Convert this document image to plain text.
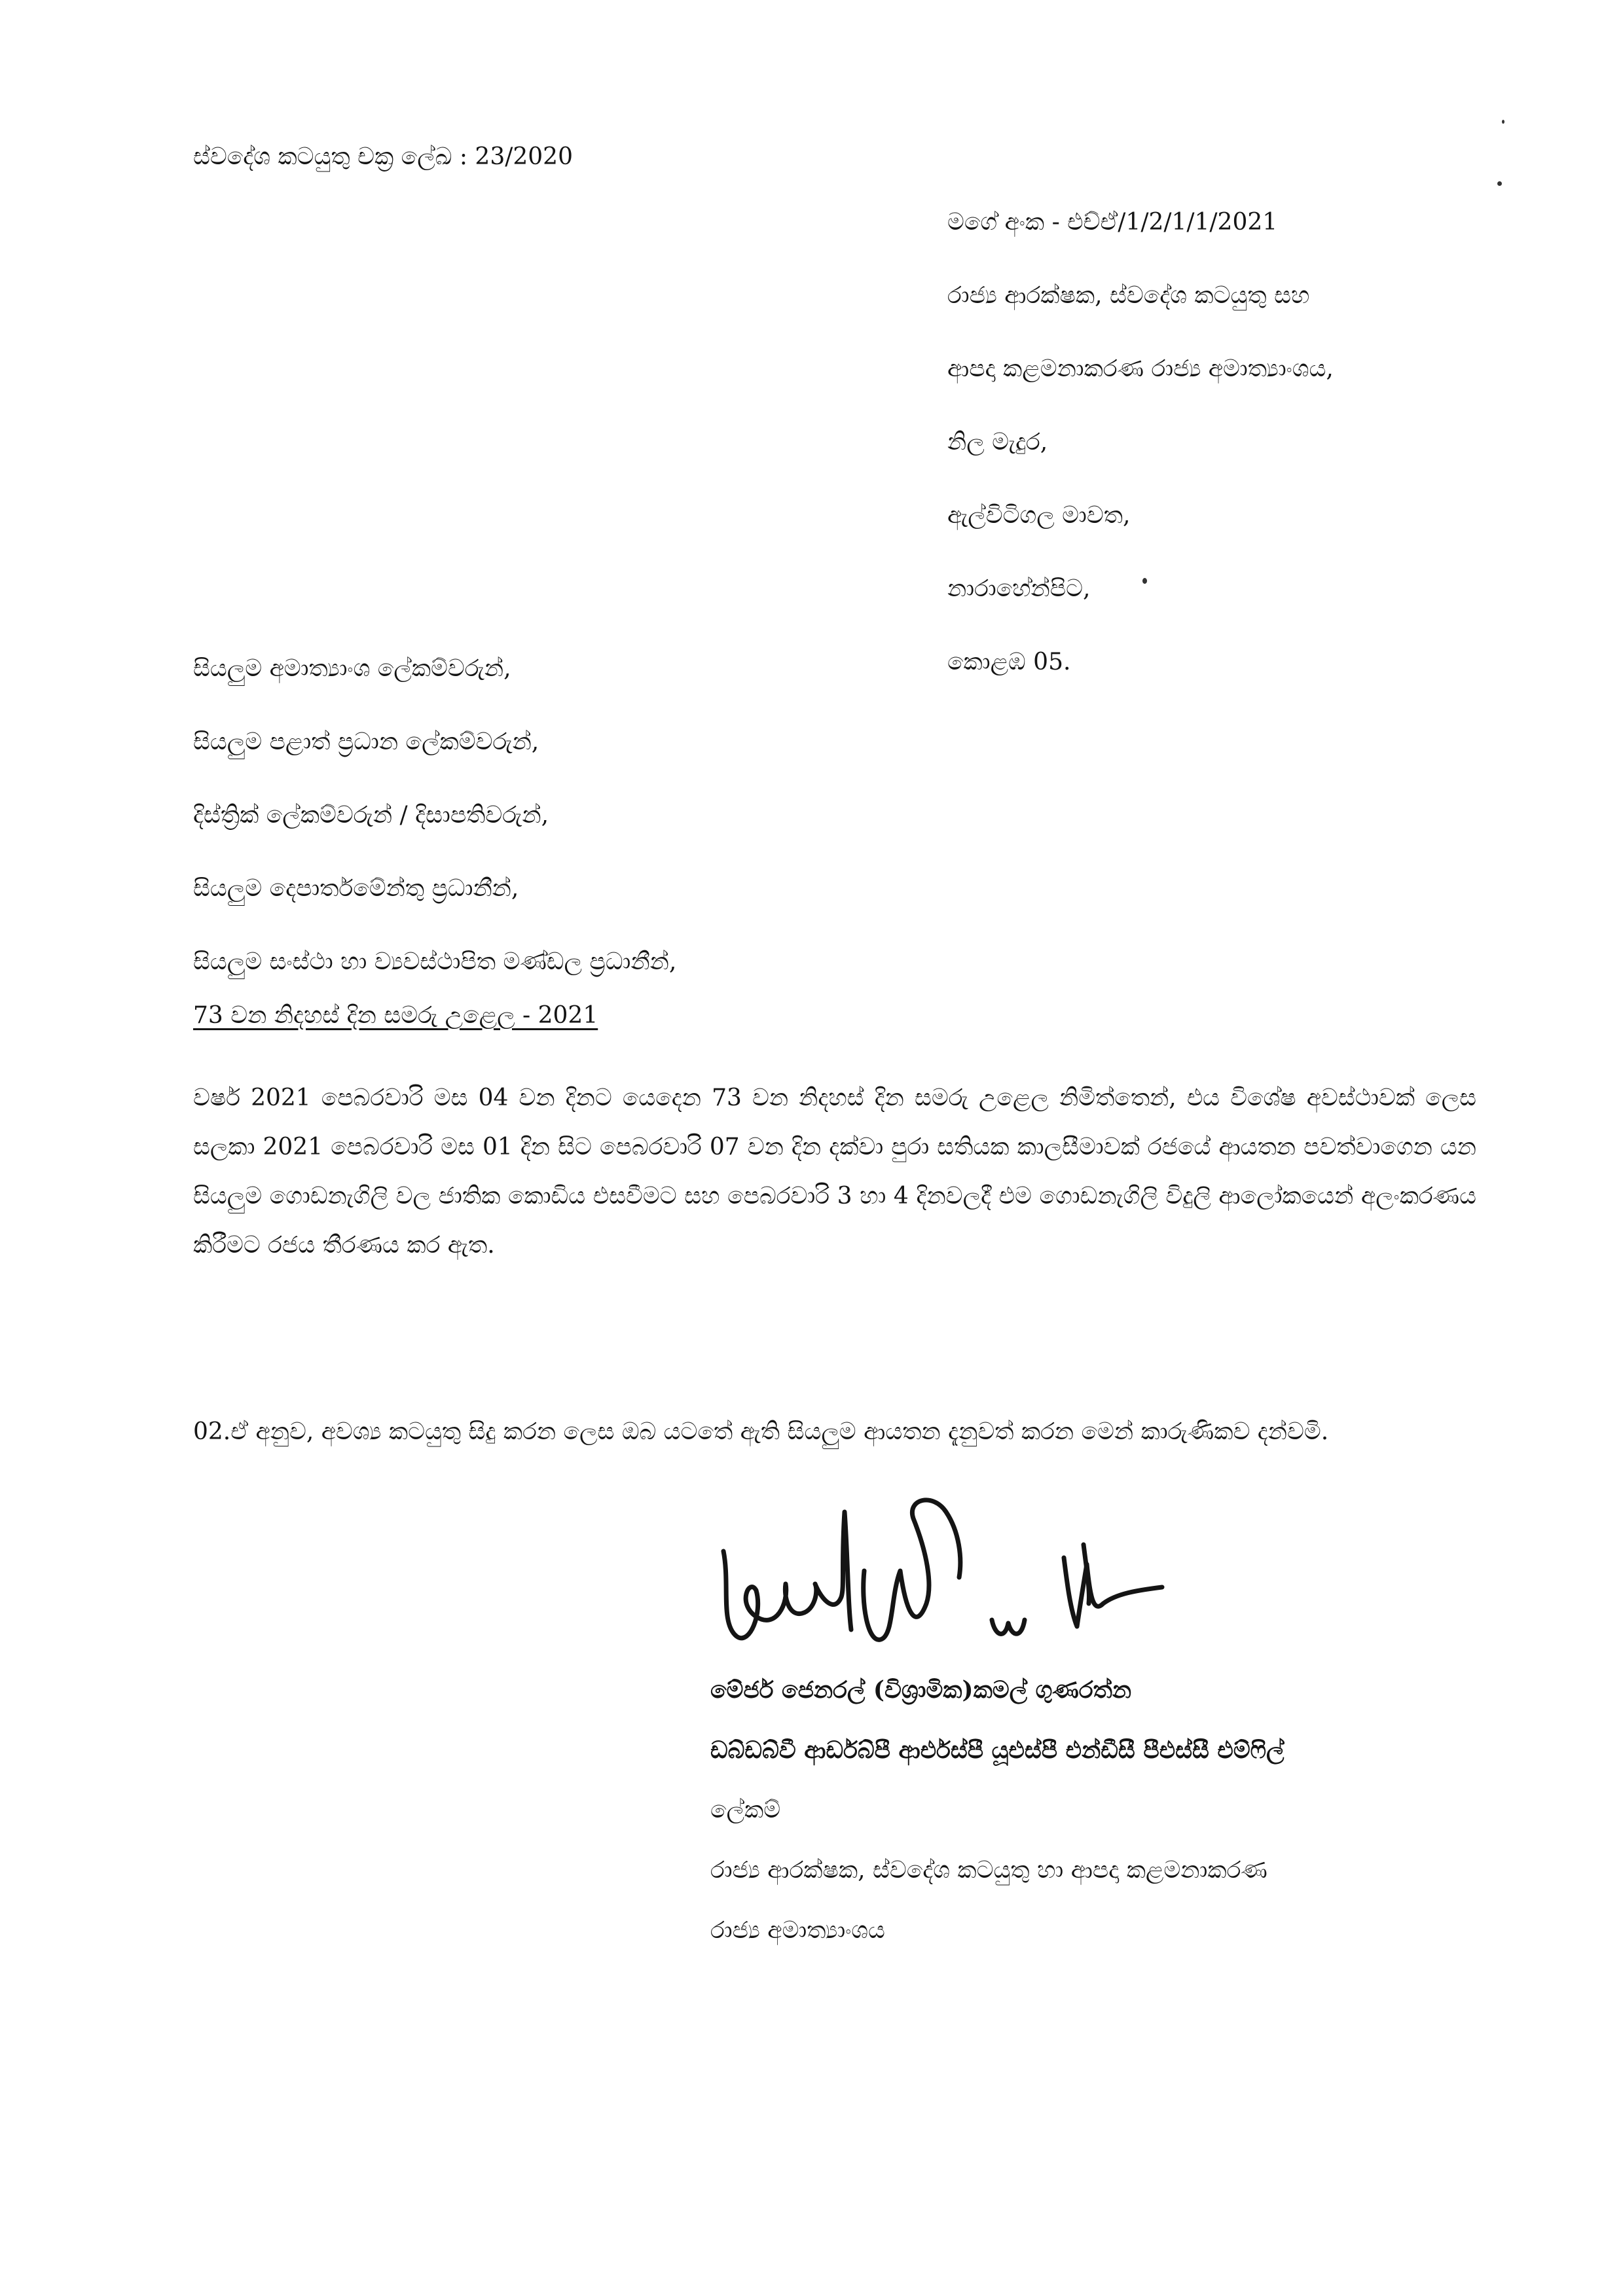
ස්වදේශ කටයුතු චක්‍ර ලේඛ : 23/2020
මගේ අංක - එච්ඒ/1/2/1/1/2021
රාජ්‍ය ආරක්ෂක, ස්වදේශ කටයුතු සහ
ආපදා කළමනාකරණ රාජ්‍ය අමාත්‍යාංශය,
නිල මැදුර,
ඇල්විටිගල මාවත,
නාරාහේන්පිට,
කොළඹ 05.
සියලුම අමාත්‍යාංශ ලේකම්වරුන්,
සියලුම පළාත් ප්‍රධාන ලේකම්වරුන්,
දිස්ත්‍රික් ලේකම්වරුන් / දිසාපතිවරුන්,
සියලුම දෙපාර්තමේන්තු ප්‍රධානීන්,
සියලුම සංස්ථා හා ව්‍යවස්ථාපිත මණ්ඩල ප්‍රධානීන්,
73 වන නිදහස් දින සමරු උළෙල - 2021
වර්ෂ 2021 පෙබරවාරි මස 04 වන දිනට යෙදෙන 73 වන නිදහස් දින සමරු උළෙල නිමිත්තෙන්, එය විශේෂ අවස්ථාවක් ලෙස සලකා 2021 පෙබරවාරි මස 01 දින සිට පෙබරවාරි 07 වන දින දක්වා පුරා සතියක කාලසීමාවක් රජයේ ආයතන පවත්වාගෙන යන සියලුම ගොඩනැගිලි වල ජාතික කොඩිය එසවීමට සහ පෙබරවාරි 3 හා 4 දිනවලදී එම ගොඩනැගිලි විදුලි ආලෝකයෙන් අලංකරණය කිරීමට රජය තීරණය කර ඇත.
02.ඒ අනුව, අවශ්‍ය කටයුතු සිදු කරන ලෙස ඔබ යටතේ ඇති සියලුම ආයතන දැනුවත් කරන මෙන් කාරුණිකව දන්වමි.
මේජර් ජෙනරල් (විශ්‍රාමික)කමල් ගුණරත්න
ඩබ්ඩබ්වී ආර්ඩබ්පී ආර්එස්පී යූඑස්පී එන්ඩීසී පීඑස්සී එම්ෆිල්
ලේකම්
රාජ්‍ය ආරක්ෂක, ස්වදේශ කටයුතු හා ආපදා කළමනාකරණ
රාජ්‍ය අමාත්‍යාංශය
